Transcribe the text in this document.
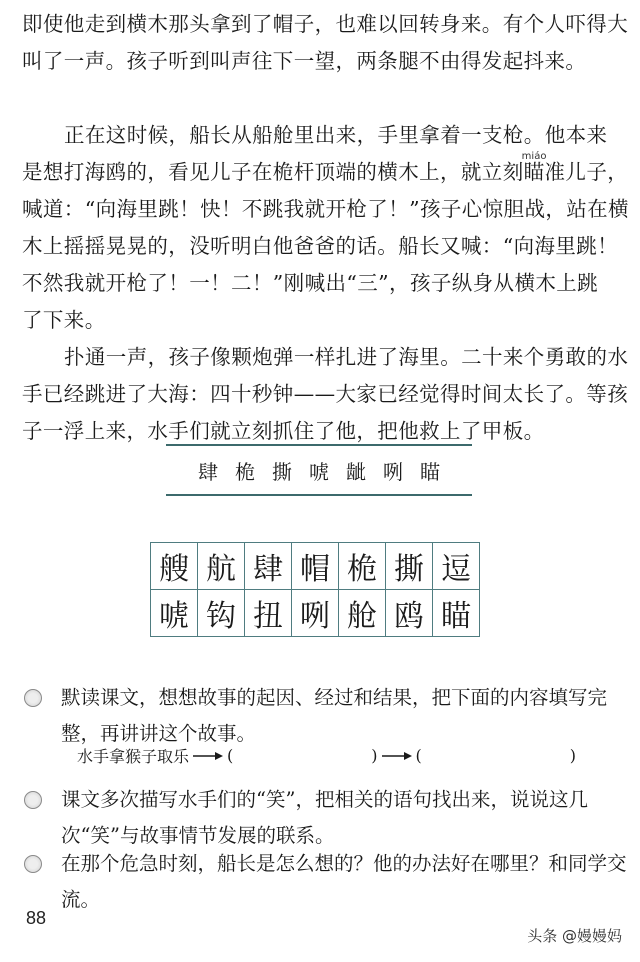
即使他走到横木那头拿到了帽子，也难以回转身来。有个人吓得大
叫了一声。孩子听到叫声往下一望，两条腿不由得发起抖来。

正在这时候，船长从船舱里出来，手里拿着一支枪。他本来
是想打海鸥的，看见儿子在桅杆顶端的横木上，就立刻
miáo
瞄准儿子，
喊道：“向海里跳！快！不跳我就开枪了！”孩子心惊胆战，站在横
木上摇摇晃晃的，没听明白他爸爸的话。船长又喊：“向海里跳！
不然我就开枪了！一！二！”刚喊出“三”，孩子纵身从横木上跳
了下来。

扑通一声，孩子像颗炮弹一样扎进了海里。二十来个勇敢的水
手已经跳进了大海：四十秒钟——大家已经觉得时间太长了。等孩
子一浮上来，水手们就立刻抓住了他，把他救上了甲板。

肆 桅 撕 唬 龇 咧 瞄
艘	航	肆	帽	桅	撕	逗
唬	钩	扭	咧	舱	鸥	瞄
默读课文，想想故事的起因、经过和结果，把下面的内容填写完整，再讲讲这个故事。
水手拿猴子取乐 (	) (	)
课文多次描写水手们的“笑”，把相关的语句找出来，说说这几次“笑”与故事情节发展的联系。
在那个危急时刻，船长是怎么想的？他的办法好在哪里？和同学交流。
88
头条 @嫚嫚妈
